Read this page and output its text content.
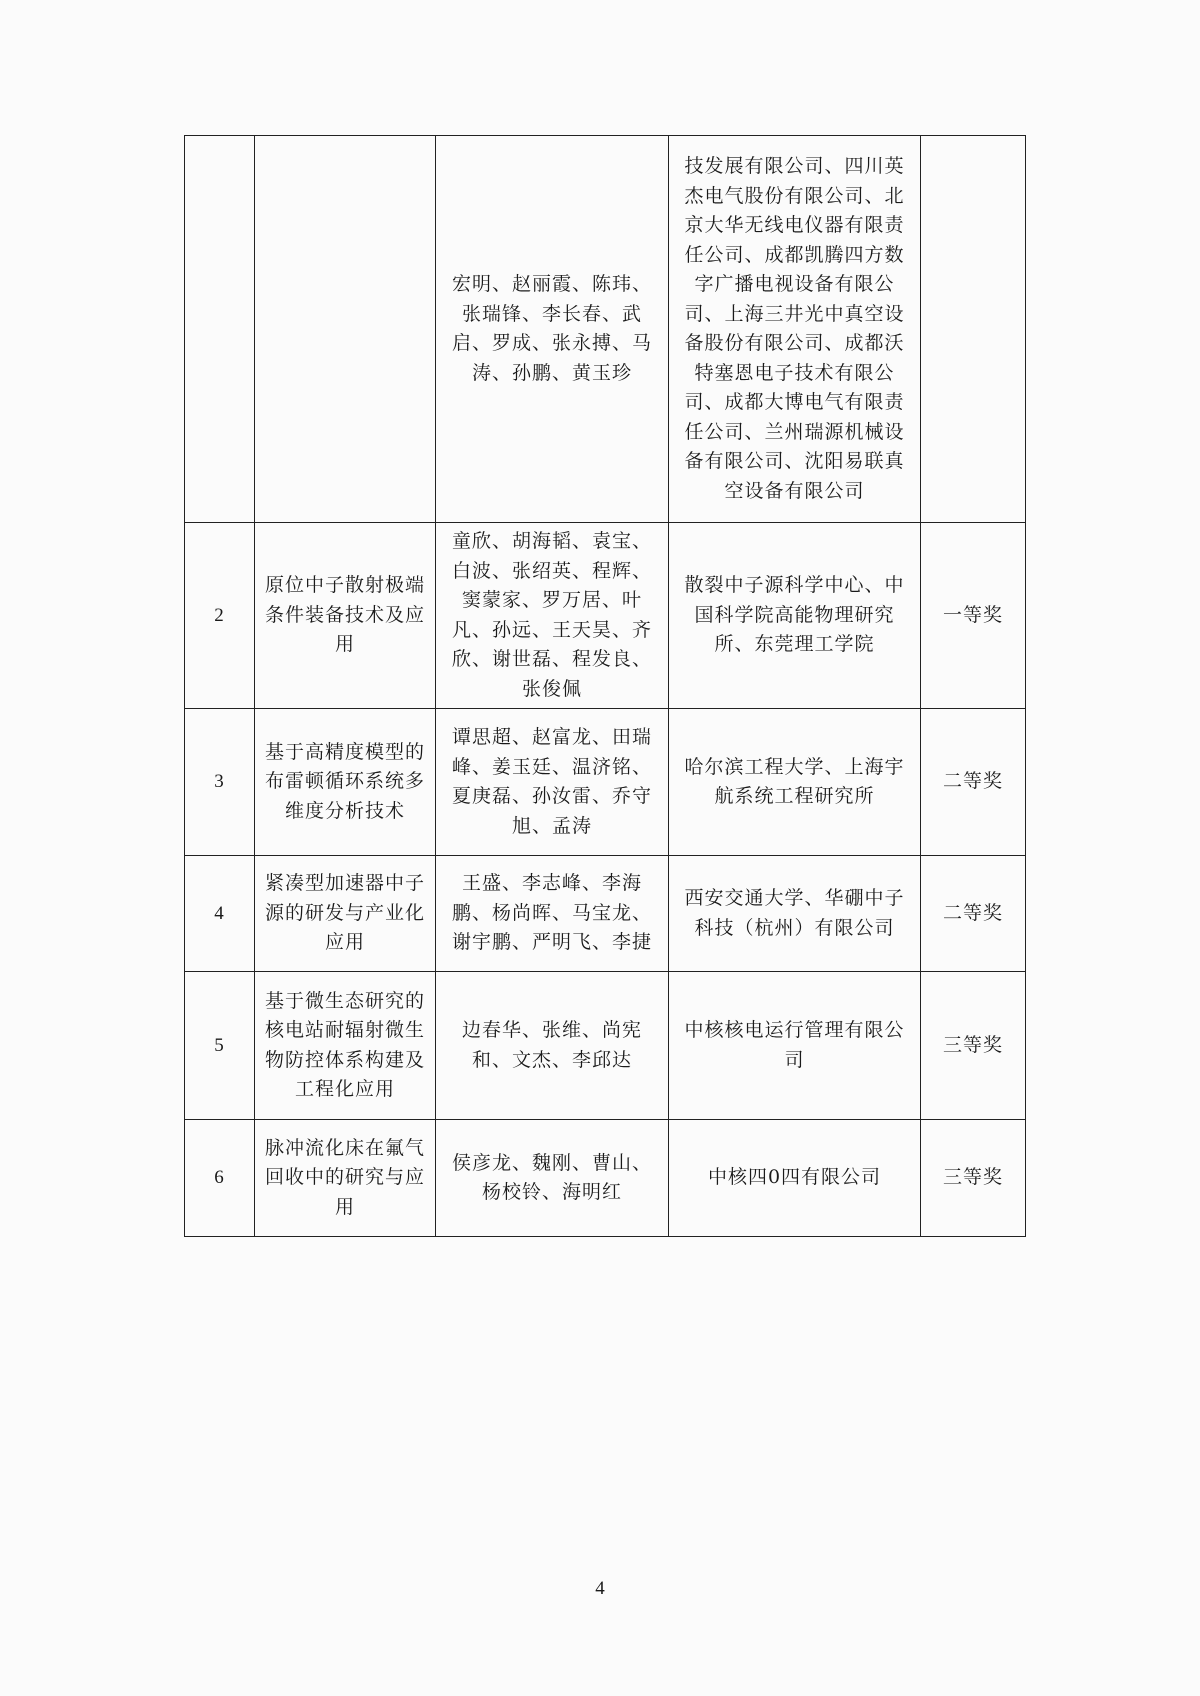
		宏明、赵丽霞、陈玮、张瑞锋、李长春、武启、罗成、张永搏、马涛、孙鹏、黄玉珍	技发展有限公司、四川英杰电气股份有限公司、北京大华无线电仪器有限责任公司、成都凯腾四方数字广播电视设备有限公司、上海三井光中真空设备股份有限公司、成都沃特塞恩电子技术有限公司、成都大博电气有限责任公司、兰州瑞源机械设备有限公司、沈阳易联真空设备有限公司	
2	原位中子散射极端条件装备技术及应用	童欣、胡海韬、袁宝、白波、张绍英、程辉、窦蒙家、罗万居、叶凡、孙远、王天昊、齐欣、谢世磊、程发良、张俊佩	散裂中子源科学中心、中国科学院高能物理研究所、东莞理工学院	一等奖
3	基于高精度模型的布雷顿循环系统多维度分析技术	谭思超、赵富龙、田瑞峰、姜玉廷、温济铭、夏庚磊、孙汝雷、乔守旭、孟涛	哈尔滨工程大学、上海宇航系统工程研究所	二等奖
4	紧凑型加速器中子源的研发与产业化应用	王盛、李志峰、李海鹏、杨尚晖、马宝龙、谢宇鹏、严明飞、李捷	西安交通大学、华硼中子科技（杭州）有限公司	二等奖
5	基于微生态研究的核电站耐辐射微生物防控体系构建及工程化应用	边春华、张维、尚宪和、文杰、李邱达	中核核电运行管理有限公司	三等奖
6	脉冲流化床在氟气回收中的研究与应用	侯彦龙、魏刚、曹山、杨校铃、海明红	中核四0四有限公司	三等奖
4
